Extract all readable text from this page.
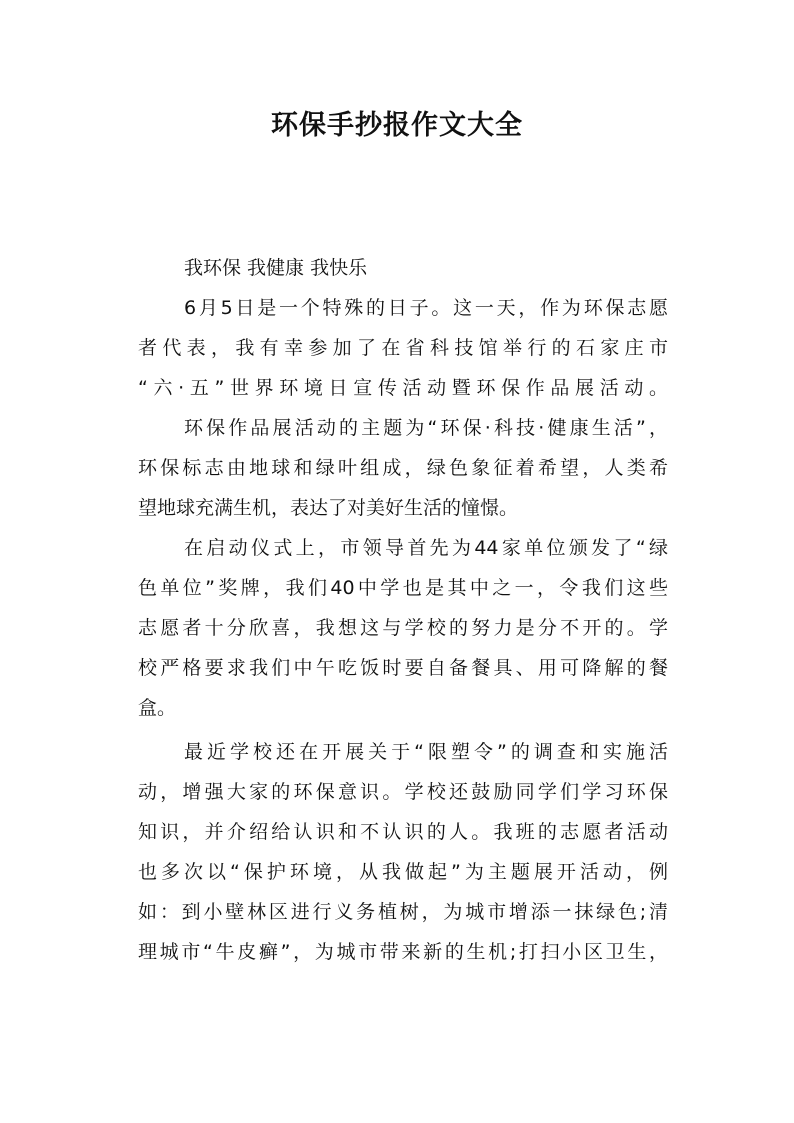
环保手抄报作文大全
我环保 我健康 我快乐
6月5日是一个特殊的日子。这一天，作为环保志愿
者代表，我有幸参加了在省科技馆举行的石家庄市
“六·五”世界环境日宣传活动暨环保作品展活动。
环保作品展活动的主题为“环保·科技·健康生活”，
环保标志由地球和绿叶组成，绿色象征着希望，人类希
望地球充满生机，表达了对美好生活的憧憬。
在启动仪式上，市领导首先为44家单位颁发了“绿
色单位”奖牌，我们40中学也是其中之一，令我们这些
志愿者十分欣喜，我想这与学校的努力是分不开的。学
校严格要求我们中午吃饭时要自备餐具、用可降解的餐
盒。
最近学校还在开展关于“限塑令”的调查和实施活
动，增强大家的环保意识。学校还鼓励同学们学习环保
知识，并介绍给认识和不认识的人。我班的志愿者活动
也多次以“保护环境，从我做起”为主题展开活动，例
如：到小壁林区进行义务植树，为城市增添一抹绿色;清
理城市“牛皮癣”，为城市带来新的生机;打扫小区卫生，
